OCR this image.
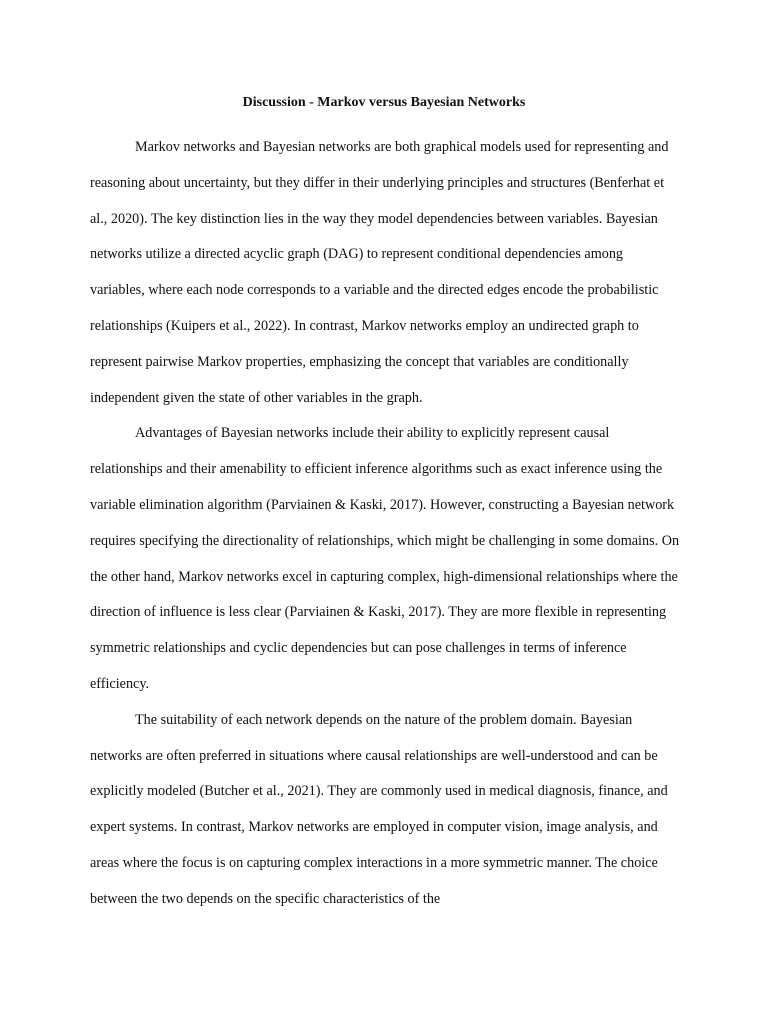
Discussion - Markov versus Bayesian Networks

Markov networks and Bayesian networks are both graphical models used for representing and reasoning about uncertainty, but they differ in their underlying principles and structures (Benferhat et al., 2020). The key distinction lies in the way they model dependencies between variables. Bayesian networks utilize a directed acyclic graph (DAG) to represent conditional dependencies among variables, where each node corresponds to a variable and the directed edges encode the probabilistic relationships (Kuipers et al., 2022). In contrast, Markov networks employ an undirected graph to represent pairwise Markov properties, emphasizing the concept that variables are conditionally independent given the state of other variables in the graph.

Advantages of Bayesian networks include their ability to explicitly represent causal relationships and their amenability to efficient inference algorithms such as exact inference using the variable elimination algorithm (Parviainen & Kaski, 2017). However, constructing a Bayesian network requires specifying the directionality of relationships, which might be challenging in some domains. On the other hand, Markov networks excel in capturing complex, high-dimensional relationships where the direction of influence is less clear (Parviainen & Kaski, 2017). They are more flexible in representing symmetric relationships and cyclic dependencies but can pose challenges in terms of inference efficiency.

The suitability of each network depends on the nature of the problem domain. Bayesian networks are often preferred in situations where causal relationships are well-understood and can be explicitly modeled (Butcher et al., 2021). They are commonly used in medical diagnosis, finance, and expert systems. In contrast, Markov networks are employed in computer vision, image analysis, and areas where the focus is on capturing complex interactions in a more symmetric manner. The choice between the two depends on the specific characteristics of the
